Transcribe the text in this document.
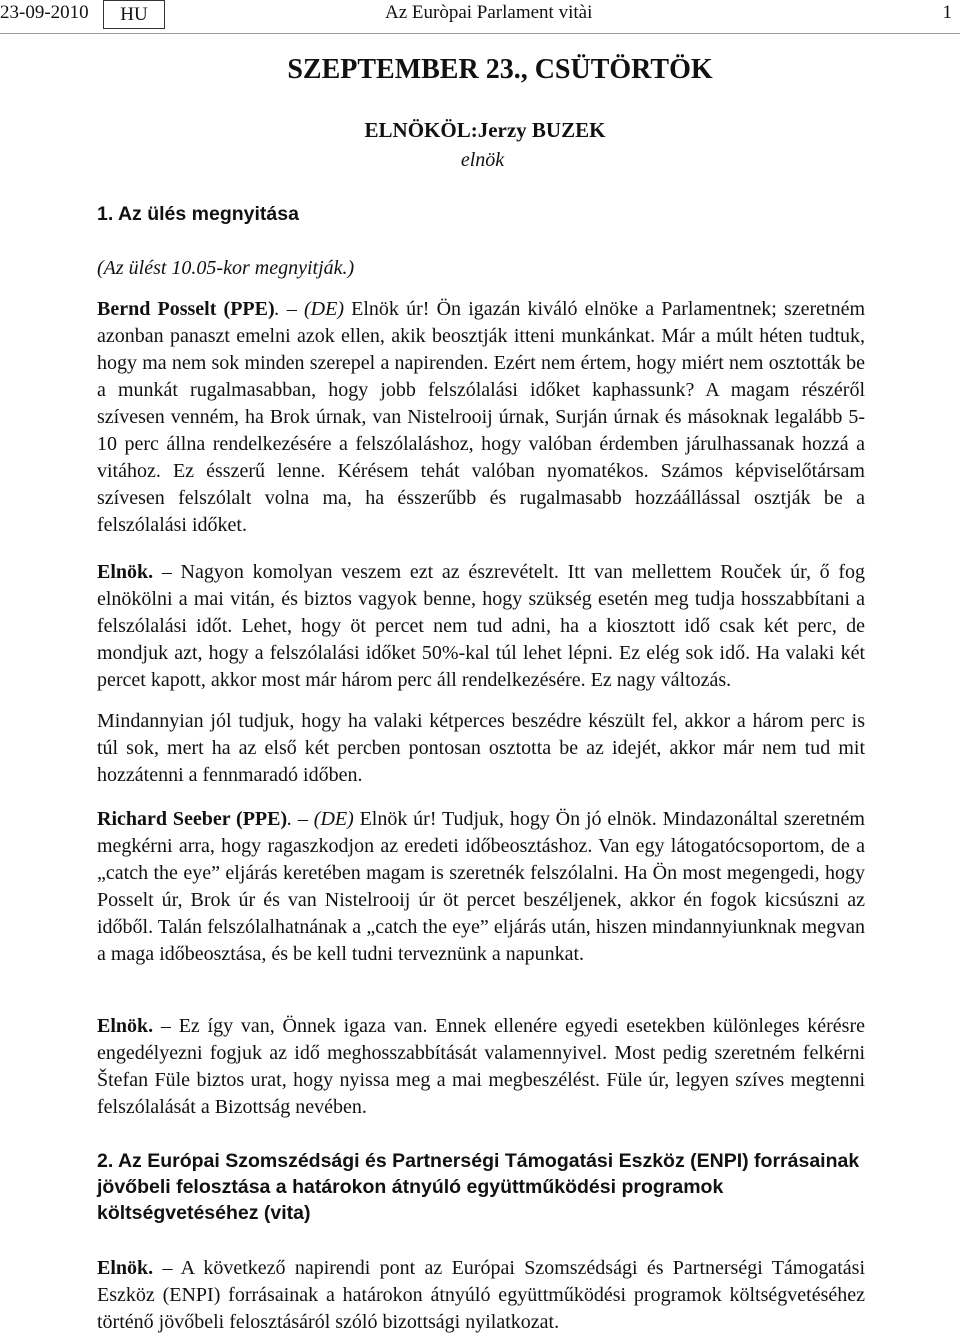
23-09-2010	HU	Az Euròpai Parlament vitài	1
SZEPTEMBER 23., CSÜTÖRTÖK
ELNÖKÖL:Jerzy BUZEK
elnök
1. Az ülés megnyitása

(Az ülést 10.05-kor megnyitják.)

Bernd Posselt (PPE). – (DE) Elnök úr! Ön igazán kiváló elnöke a Parlamentnek; szeretném azonban panaszt emelni azok ellen, akik beosztják itteni munkánkat. Már a múlt héten tudtuk, hogy ma nem sok minden szerepel a napirenden. Ezért nem értem, hogy miért nem osztották be a munkát rugalmasabban, hogy jobb felszólalási időket kaphassunk? A magam részéről szívesen venném, ha Brok úrnak, van Nistelrooij úrnak, Surján úrnak és másoknak legalább 5-10 perc állna rendelkezésére a felszólaláshoz, hogy valóban érdemben járulhassanak hozzá a vitához. Ez ésszerű lenne. Kérésem tehát valóban nyomatékos. Számos képviselőtársam szívesen felszólalt volna ma, ha ésszerűbb és rugalmasabb hozzáállással osztják be a felszólalási időket.

Elnök. – Nagyon komolyan veszem ezt az észrevételt. Itt van mellettem Rouček úr, ő fog elnökölni a mai vitán, és biztos vagyok benne, hogy szükség esetén meg tudja hosszabbítani a felszólalási időt. Lehet, hogy öt percet nem tud adni, ha a kiosztott idő csak két perc, de mondjuk azt, hogy a felszólalási időket 50%-kal túl lehet lépni. Ez elég sok idő. Ha valaki két percet kapott, akkor most már három perc áll rendelkezésére. Ez nagy változás.

Mindannyian jól tudjuk, hogy ha valaki kétperces beszédre készült fel, akkor a három perc is túl sok, mert ha az első két percben pontosan osztotta be az idejét, akkor már nem tud mit hozzátenni a fennmaradó időben.

Richard Seeber (PPE). – (DE) Elnök úr! Tudjuk, hogy Ön jó elnök. Mindazonáltal szeretném megkérni arra, hogy ragaszkodjon az eredeti időbeosztáshoz. Van egy látogatócsoportom, de a „catch the eye” eljárás keretében magam is szeretnék felszólalni. Ha Ön most megengedi, hogy Posselt úr, Brok úr és van Nistelrooij úr öt percet beszéljenek, akkor én fogok kicsúszni az időből. Talán felszólalhatnának a „catch the eye” eljárás után, hiszen mindannyiunknak megvan a maga időbeosztása, és be kell tudni terveznünk a napunkat.

Elnök. – Ez így van, Önnek igaza van. Ennek ellenére egyedi esetekben különleges kérésre engedélyezni fogjuk az idő meghosszabbítását valamennyivel. Most pedig szeretném felkérni Štefan Füle biztos urat, hogy nyissa meg a mai megbeszélést. Füle úr, legyen szíves megtenni felszólalását a Bizottság nevében.

2. Az Európai Szomszédsági és Partnerségi Támogatási Eszköz (ENPI) forrásainak jövőbeli felosztása a határokon átnyúló együttműködési programok költségvetéséhez (vita)

Elnök. – A következő napirendi pont az Európai Szomszédsági és Partnerségi Támogatási Eszköz (ENPI) forrásainak a határokon átnyúló együttműködési programok költségvetéséhez történő jövőbeli felosztásáról szóló bizottsági nyilatkozat.
